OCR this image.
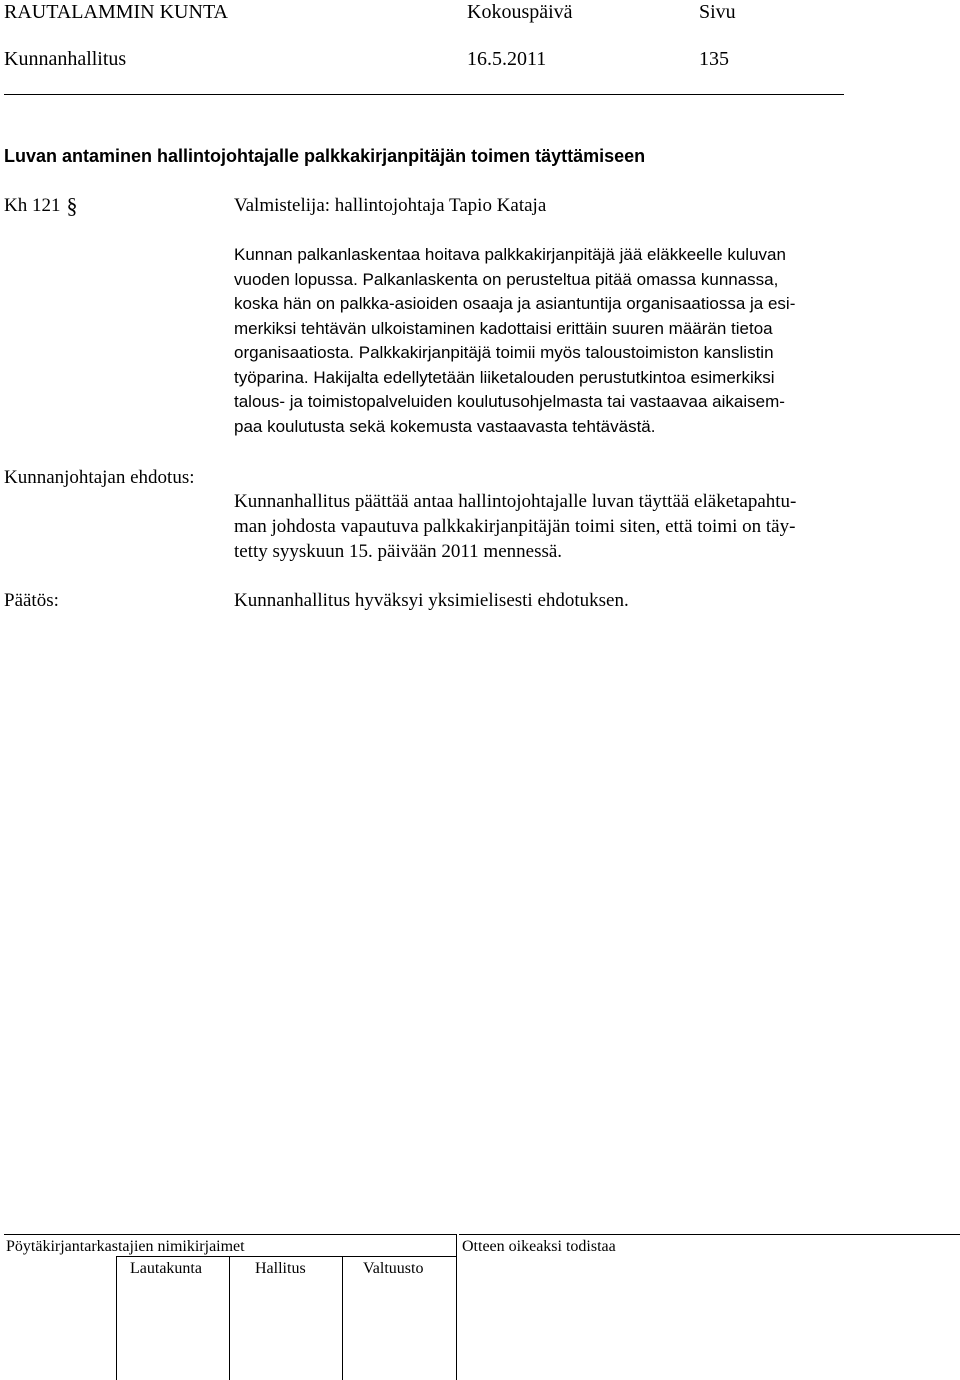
RAUTALAMMIN KUNTA	Kokouspäivä	Sivu
Kunnanhallitus	16.5.2011	135
Luvan antaminen hallintojohtajalle palkkakirjanpitäjän toimen täyttämiseen
Kh 121 §	Valmistelija: hallintojohtaja Tapio Kataja
Kunnan palkanlaskentaa hoitava palkkakirjanpitäjä jää eläkkeelle kuluvan
vuoden lopussa. Palkanlaskenta on perusteltua pitää omassa kunnassa,
koska hän on palkka-asioiden osaaja ja asiantuntija organisaatiossa ja esi-
merkiksi tehtävän ulkoistaminen kadottaisi erittäin suuren määrän tietoa
organisaatiosta. Palkkakirjanpitäjä toimii myös taloustoimiston kanslistin
työparina. Hakijalta edellytetään liiketalouden perustutkintoa esimerkiksi
talous- ja toimistopalveluiden koulutusohjelmasta tai vastaavaa aikaisem-
paa koulutusta sekä kokemusta vastaavasta tehtävästä.
Kunnanjohtajan ehdotus:
Kunnanhallitus päättää antaa hallintojohtajalle luvan täyttää eläketapahtu-
man johdosta vapautuva palkkakirjanpitäjän toimi siten, että toimi on täy-
tetty syyskuun 15. päivään 2011 mennessä.
Päätös:	Kunnanhallitus hyväksyi yksimielisesti ehdotuksen.
Pöytäkirjantarkastajien nimikirjaimet	Otteen oikeaksi todistaa
Lautakunta	Hallitus	Valtuusto
